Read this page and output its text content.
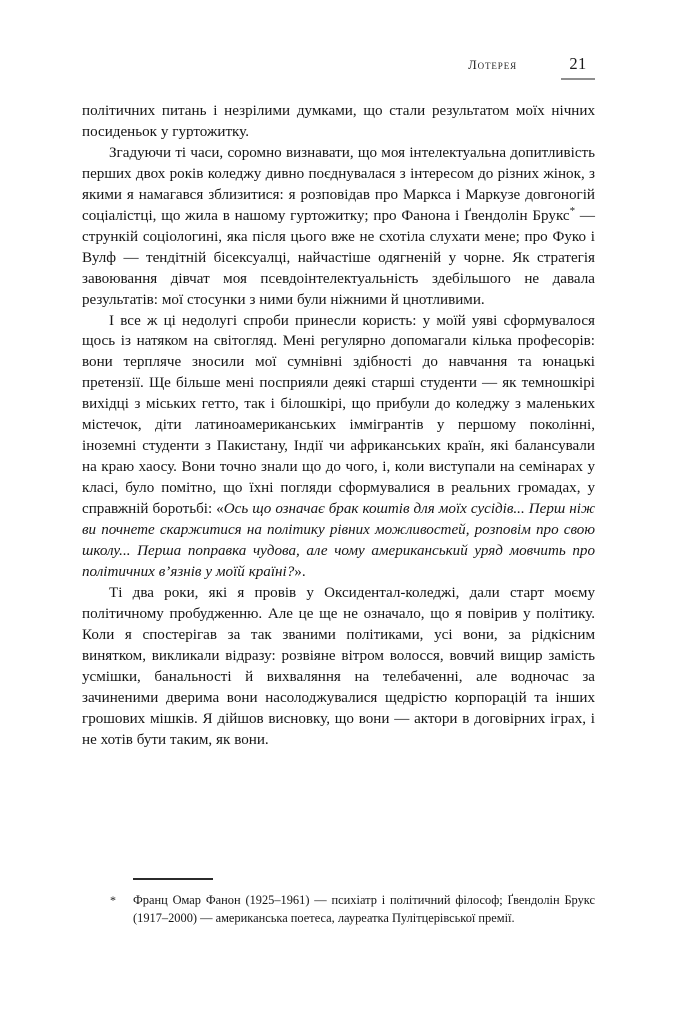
Лотерея	21

політичних питань і незрілими думками, що стали результатом моїх нічних посиденьок у гуртожитку.

Згадуючи ті часи, соромно визнавати, що моя інтелектуальна допитливість перших двох років коледжу дивно поєднувалася з інтересом до різних жінок, з якими я намагався зблизитися: я розповідав про Маркса і Маркузе довгоногій соціалістці, що жила в нашому гуртожитку; про Фанона і Ґвендолін Брукс* — стрункій соціологині, яка після цього вже не схотіла слухати мене; про Фуко і Вулф — тендітній бісексуалці, найчастіше одягненій у чорне. Як стратегія завоювання дівчат моя псевдоінтелектуальність здебільшого не давала результатів: мої стосунки з ними були ніжними й цнотливими.

І все ж ці недолугі спроби принесли користь: у моїй уяві сформувалося щось із натяком на світогляд. Мені регулярно допомагали кілька професорів: вони терпляче зносили мої сумнівні здібності до навчання та юнацькі претензії. Ще більше мені посприяли деякі старші студенти — як темношкірі вихідці з міських гетто, так і білошкірі, що прибули до коледжу з маленьких містечок, діти латиноамериканських іммігрантів у першому поколінні, іноземні студенти з Пакистану, Індії чи африканських країн, які балансували на краю хаосу. Вони точно знали що до чого, і, коли виступали на семінарах у класі, було помітно, що їхні погляди сформувалися в реальних громадах, у справжній боротьбі: «Ось що означає брак коштів для моїх сусідів... Перш ніж ви почнете скаржитися на політику рівних можливостей, розповім про свою школу... Перша поправка чудова, але чому американський уряд мовчить про політичних в’язнів у моїй країні?».

Ті два роки, які я провів у Оксидентал-коледжі, дали старт моєму політичному пробудженню. Але це ще не означало, що я повірив у політику. Коли я спостерігав за так званими політиками, усі вони, за рідкісним винятком, викликали відразу: розвіяне вітром волосся, вовчий вищир замість усмішки, банальності й вихваляння на телебаченні, але водночас за зачиненими дверима вони насолоджувалися щедрістю корпорацій та інших грошових мішків. Я дійшов висновку, що вони — актори в договірних іграх, і не хотів бути таким, як вони.

* Франц Омар Фанон (1925–1961) — психіатр і політичний філософ; Ґвендолін Брукс (1917–2000) — американська поетеса, лауреатка Пулітцерівської премії.
